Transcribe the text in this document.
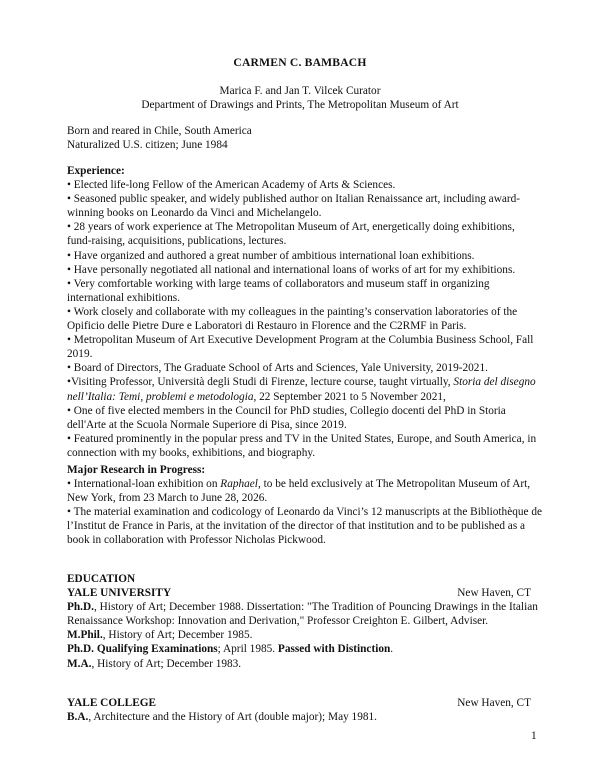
CARMEN C. BAMBACH
Marica F. and Jan T. Vilcek Curator
Department of Drawings and Prints, The Metropolitan Museum of Art
Born and reared in Chile, South America
Naturalized U.S. citizen; June 1984
Experience:

• Elected life-long Fellow of the American Academy of Arts & Sciences.

• Seasoned public speaker, and widely published author on Italian Renaissance art, including award-winning books on Leonardo da Vinci and Michelangelo.

• 28 years of work experience at The Metropolitan Museum of Art, energetically doing exhibitions, fund-raising, acquisitions, publications, lectures.

• Have organized and authored a great number of ambitious international loan exhibitions.

• Have personally negotiated all national and international loans of works of art for my exhibitions.

• Very comfortable working with large teams of collaborators and museum staff in organizing international exhibitions.

• Work closely and collaborate with my colleagues in the painting’s conservation laboratories of the Opificio delle Pietre Dure e Laboratori di Restauro in Florence and the C2RMF in Paris.

• Metropolitan Museum of Art Executive Development Program at the Columbia Business School, Fall 2019.

• Board of Directors, The Graduate School of Arts and Sciences, Yale University, 2019-2021.

•Visiting Professor, Università degli Studi di Firenze, lecture course, taught virtually, Storia del disegno nell’Italia: Temi, problemi e metodologia, 22 September 2021 to 5 November 2021,

• One of five elected members in the Council for PhD studies, Collegio docenti del PhD in Storia dell'Arte at the Scuola Normale Superiore di Pisa, since 2019.

• Featured prominently in the popular press and TV in the United States, Europe, and South America, in connection with my books, exhibitions, and biography.

Major Research in Progress:

• International-loan exhibition on Raphael, to be held exclusively at The Metropolitan Museum of Art, New York, from 23 March to June 28, 2026.

• The material examination and codicology of Leonardo da Vinci’s 12 manuscripts at the Bibliothèque de l’Institut de France in Paris, at the invitation of the director of that institution and to be published as a book in collaboration with Professor Nicholas Pickwood.

EDUCATION
YALE UNIVERSITY	New Haven, CT

Ph.D., History of Art; December 1988. Dissertation: "The Tradition of Pouncing Drawings in the Italian Renaissance Workshop: Innovation and Derivation," Professor Creighton E. Gilbert, Adviser.

M.Phil., History of Art; December 1985.

Ph.D. Qualifying Examinations; April 1985. Passed with Distinction.

M.A., History of Art; December 1983.

YALE COLLEGE	New Haven, CT

B.A., Architecture and the History of Art (double major); May 1981.

1
